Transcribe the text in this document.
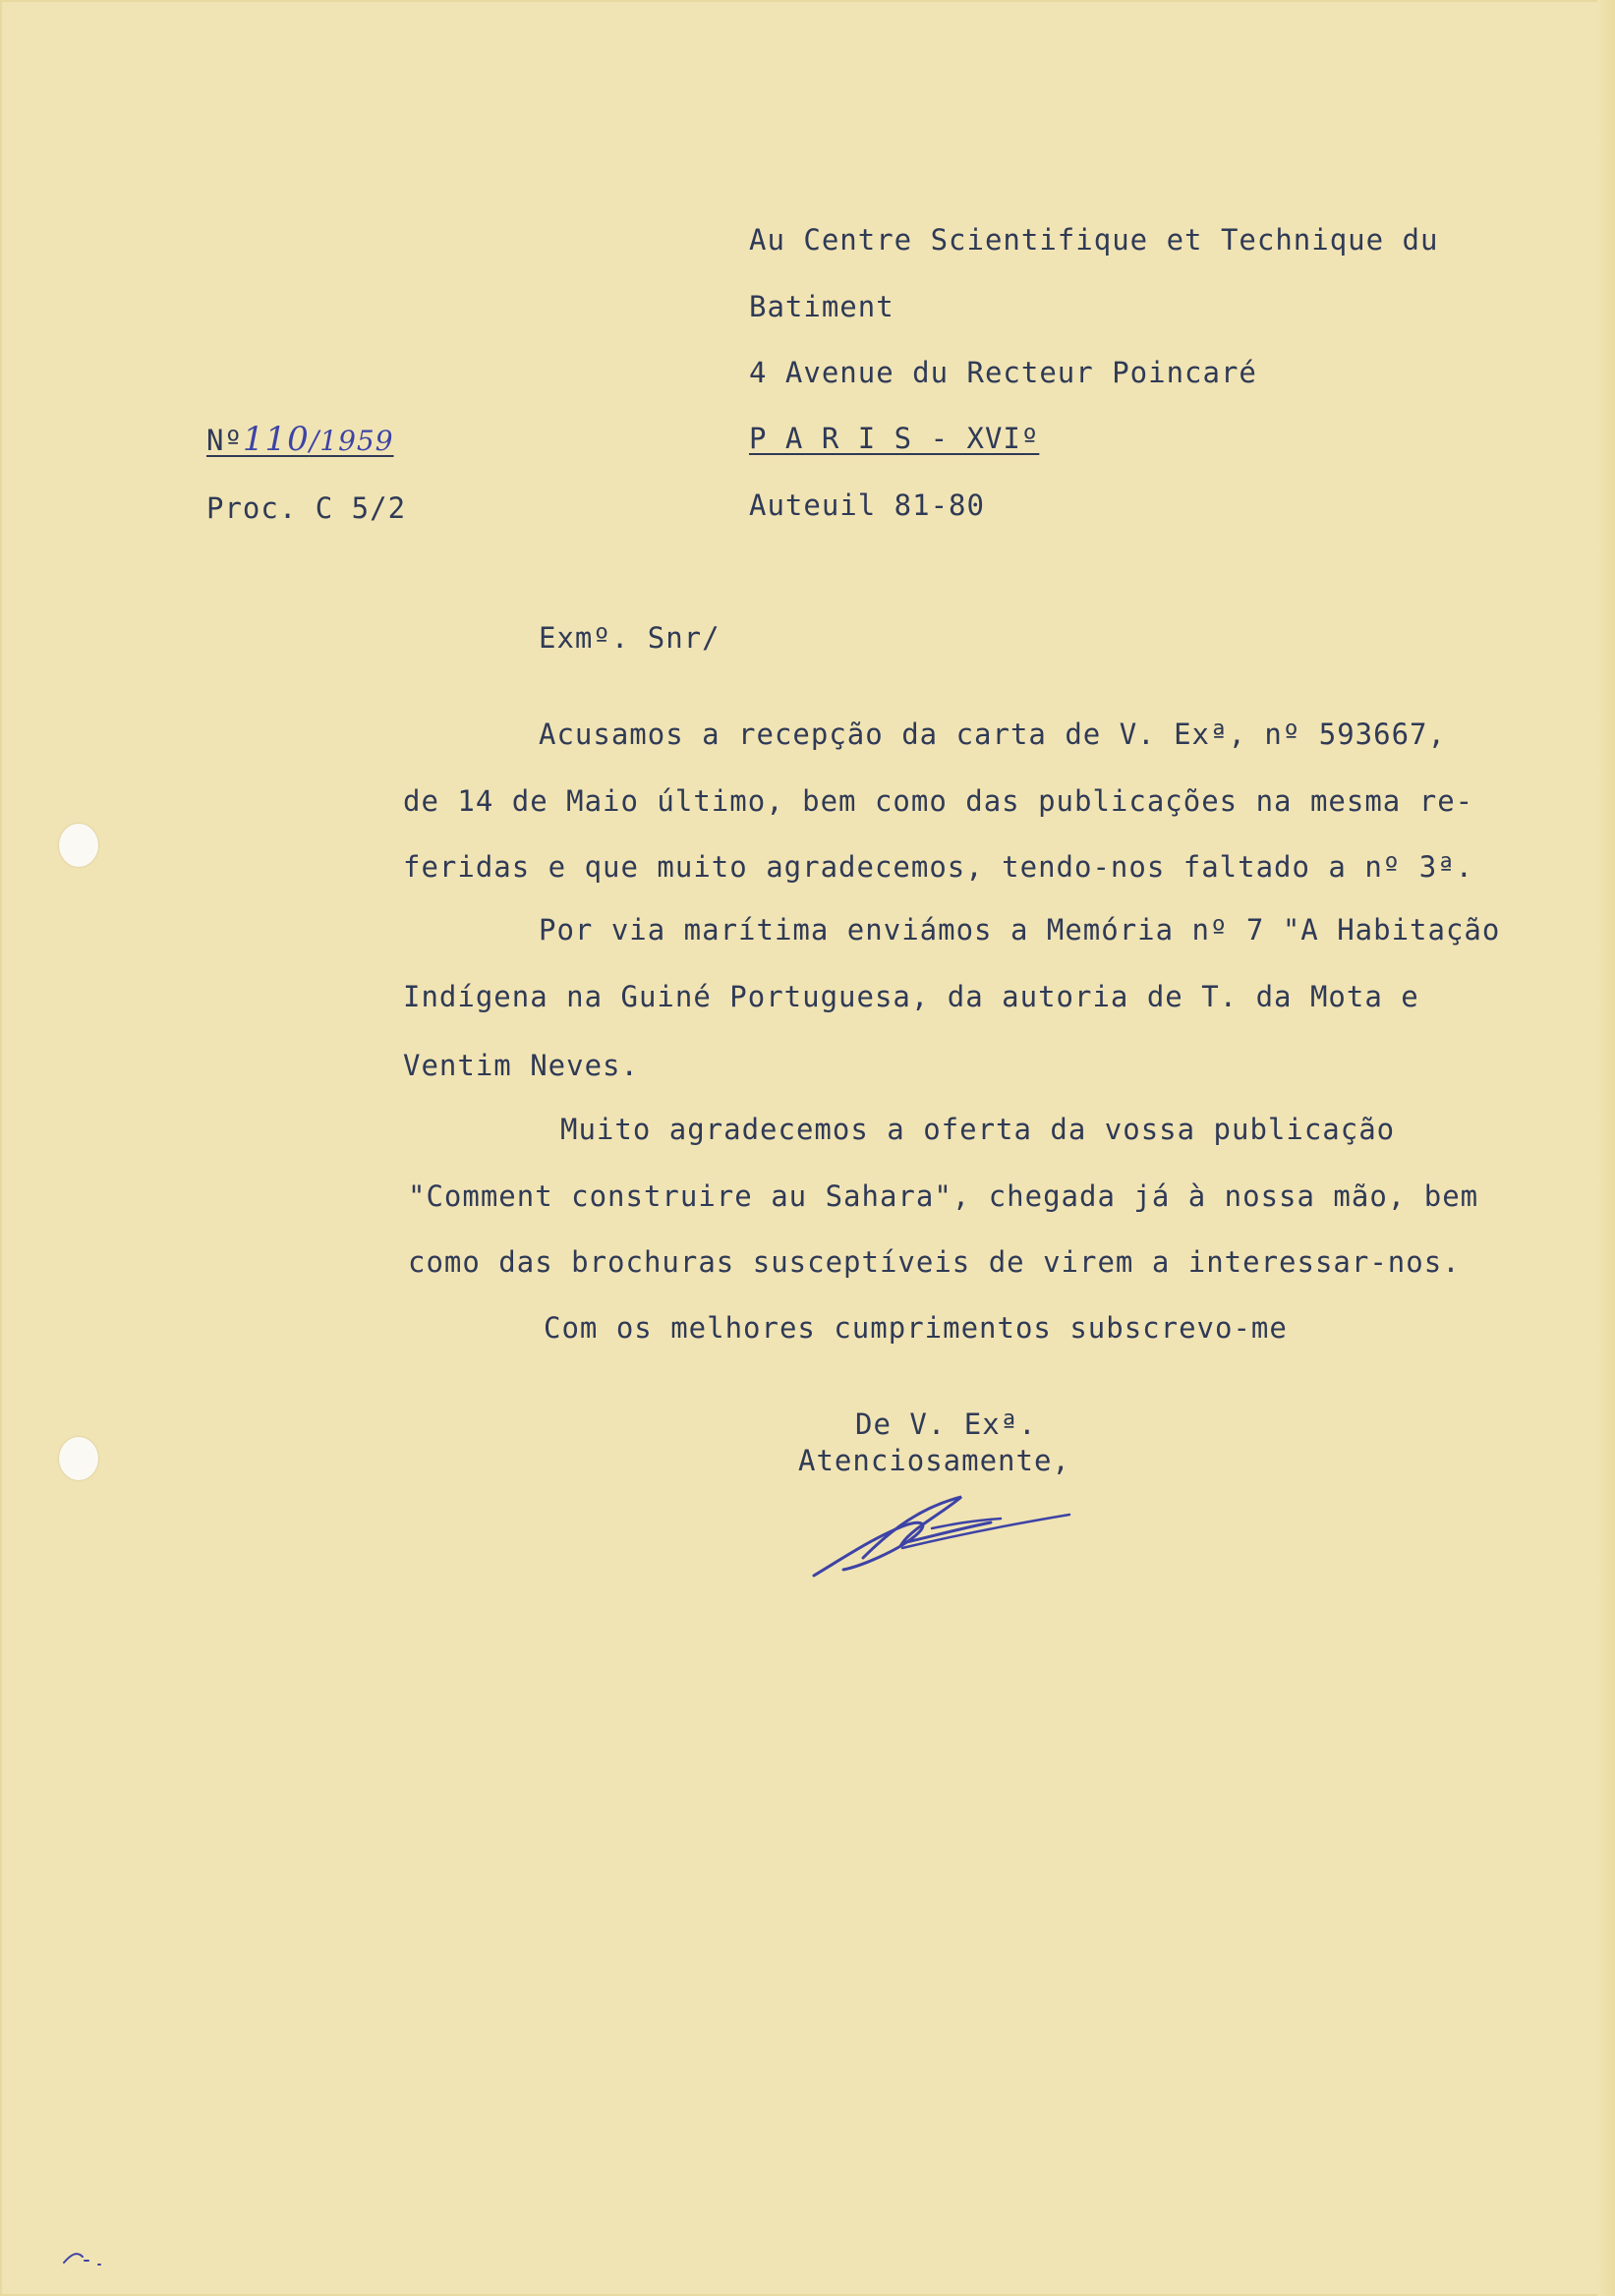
Au Centre Scientifique et Technique du
Batiment
4 Avenue du Recteur Poincaré
P A R I S - XVIº
Auteuil 81-80
Nº110/1959
Proc. C 5/2
Exmº. Snr/
Acusamos a recepção da carta de V. Exª, nº 593667,
de 14 de Maio último, bem como das publicações na mesma re-
feridas e que muito agradecemos, tendo-nos faltado a nº 3ª.
Por via marítima enviámos a Memória nº 7 "A Habitação
Indígena na Guiné Portuguesa, da autoria de T. da Mota e
Ventim Neves.
Muito agradecemos a oferta da vossa publicação
"Comment construire au Sahara", chegada já à nossa mão, bem
como das brochuras susceptíveis de virem a interessar-nos.
Com os melhores cumprimentos subscrevo-me
De V. Exª.
Atenciosamente,
